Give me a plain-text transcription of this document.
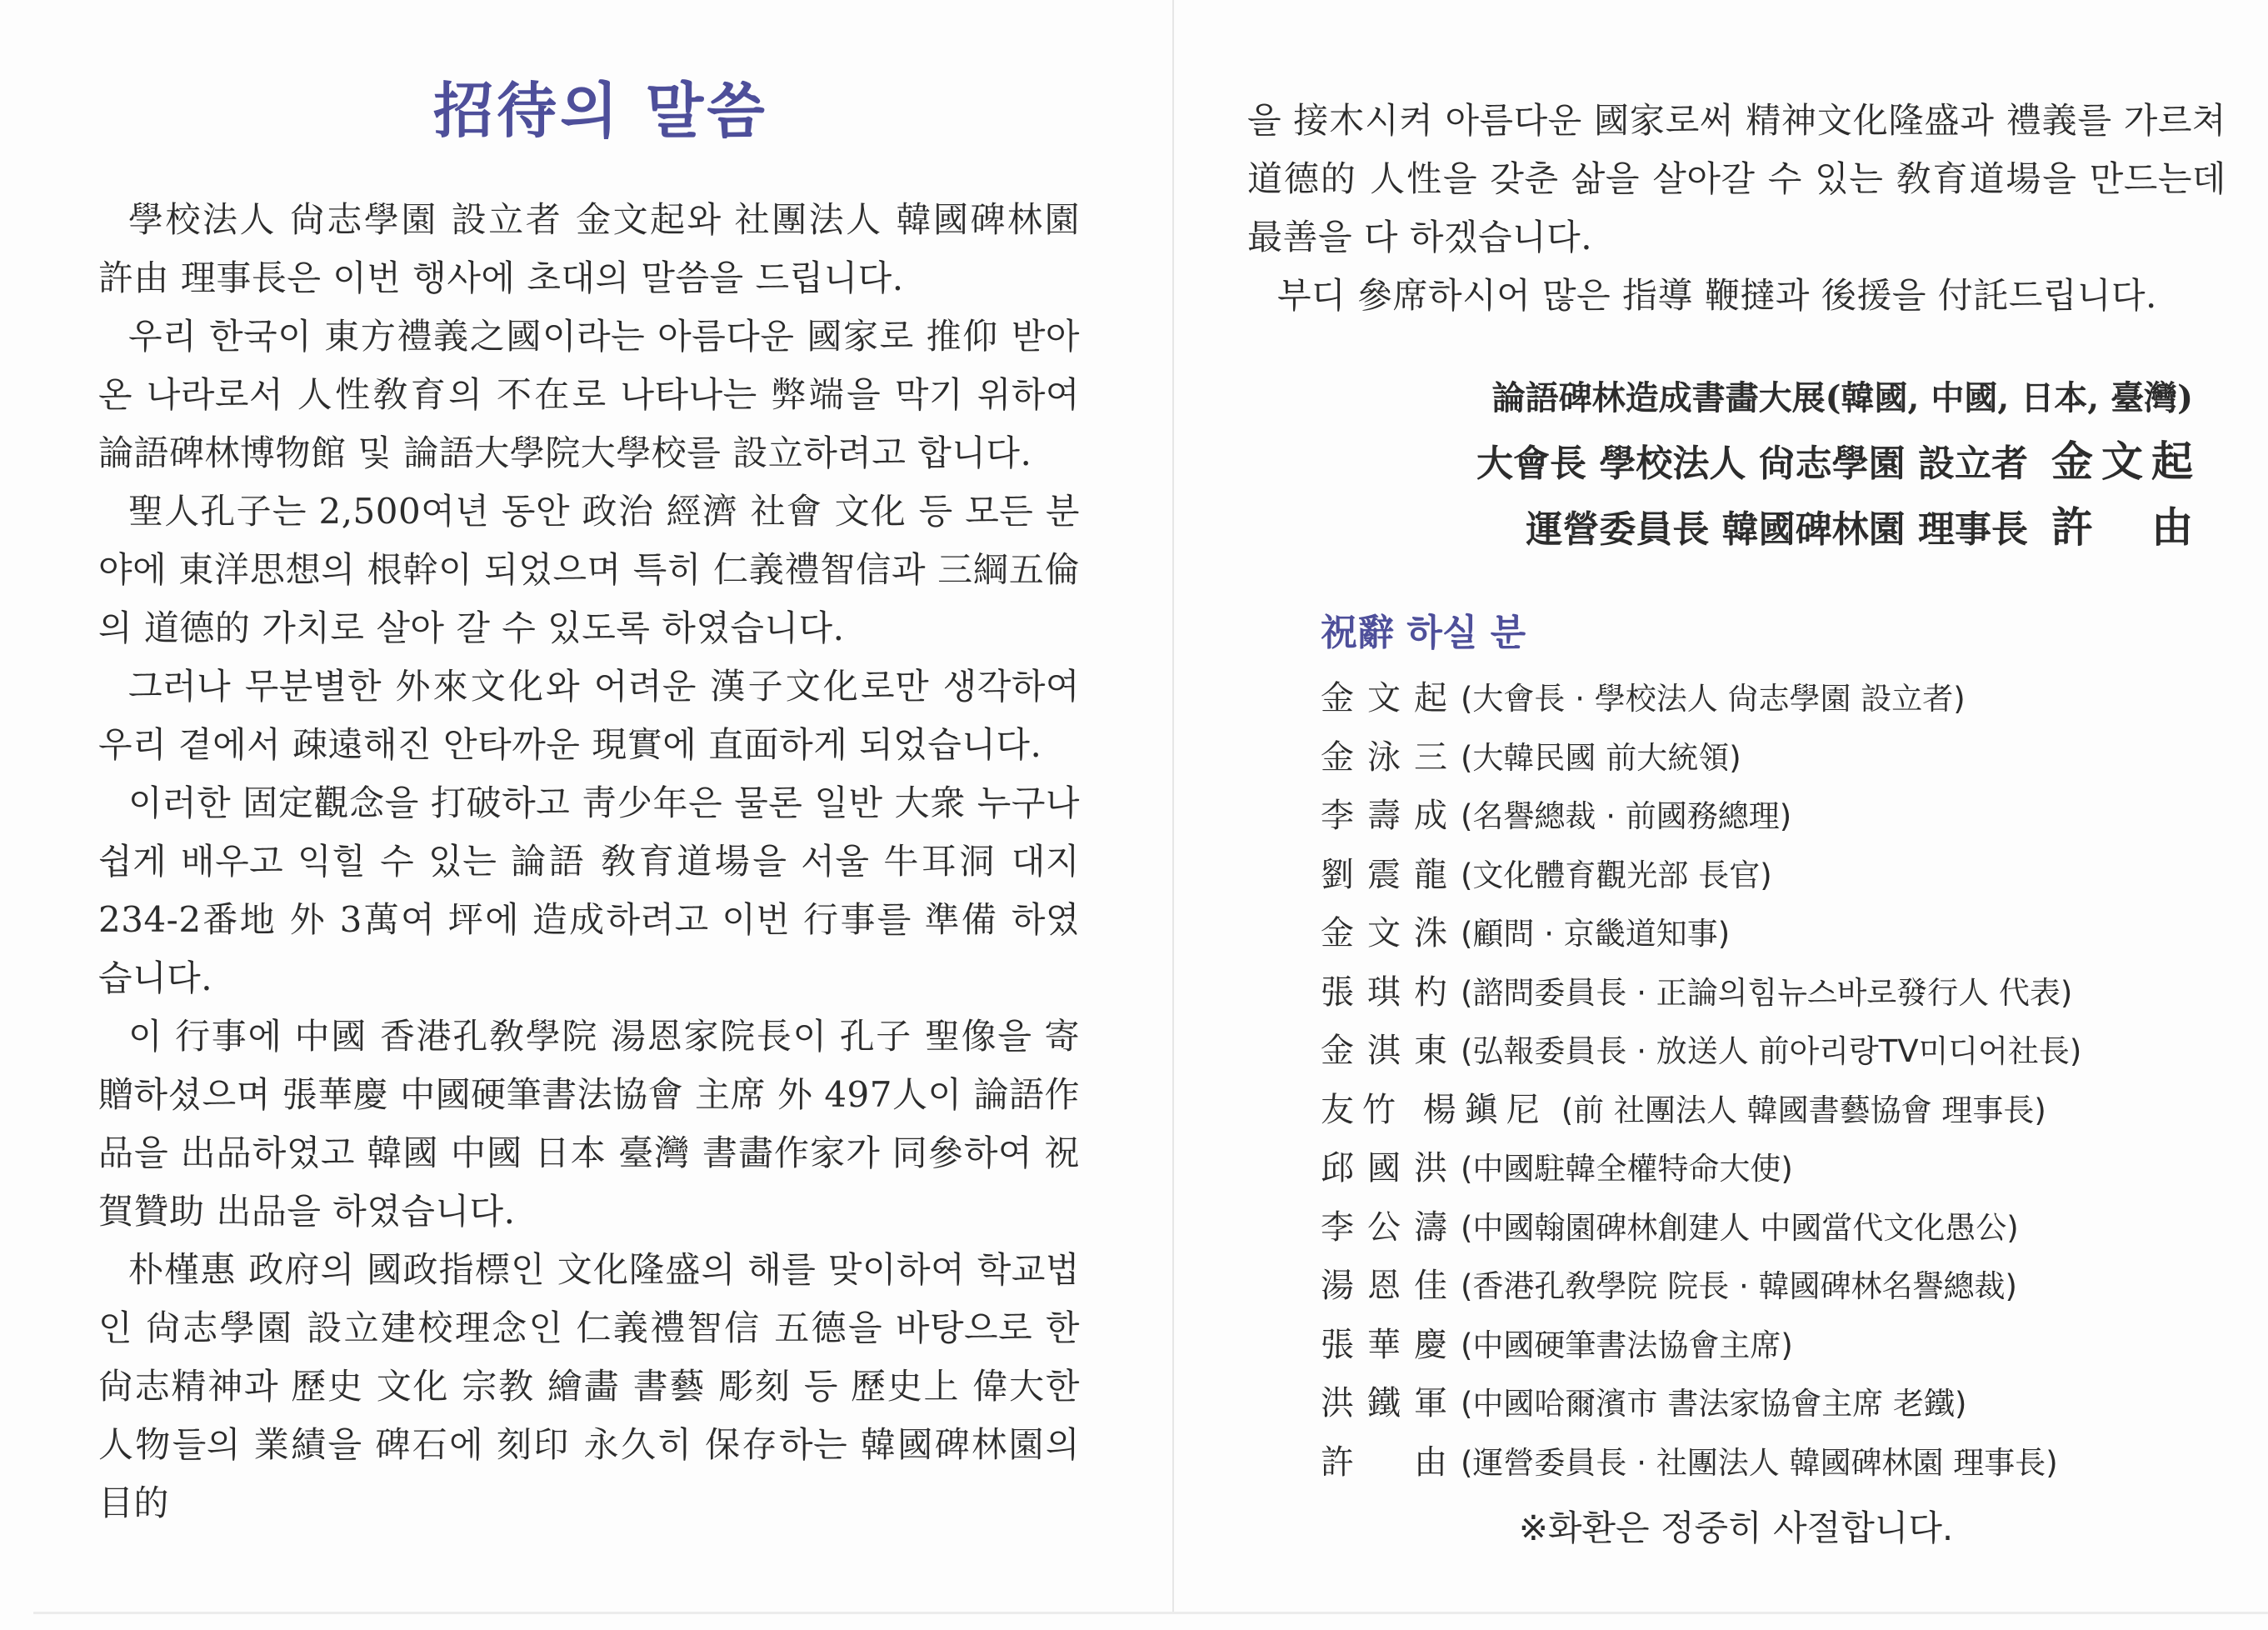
招待의 말씀

學校法人 尙志學園 設立者 金文起와 社團法人 韓國碑林園 許由 理事長은 이번 행사에 초대의 말씀을 드립니다.

우리 한국이 東方禮義之國이라는 아름다운 國家로 推仰 받아온 나라로서 人性敎育의 不在로 나타나는 弊端을 막기 위하여 論語碑林博物館 및 論語大學院大學校를 設立하려고 합니다.

聖人孔子는 2,500여년 동안 政治 經濟 社會 文化 등 모든 분야에 東洋思想의 根幹이 되었으며 특히 仁義禮智信과 三綱五倫의 道德的 가치로 살아 갈 수 있도록 하였습니다.

그러나 무분별한 外來文化와 어려운 漢子文化로만 생각하여 우리 곁에서 疎遠해진 안타까운 現實에 直面하게 되었습니다.

이러한 固定觀念을 打破하고 靑少年은 물론 일반 大衆 누구나 쉽게 배우고 익힐 수 있는 論語 敎育道場을 서울 牛耳洞 대지 234-2番地 外 3萬여 坪에 造成하려고 이번 行事를 準備 하였습니다.

이 行事에 中國 香港孔敎學院 湯恩家院長이 孔子 聖像을 寄贈하셨으며 張華慶 中國硬筆書法協會 主席 外 497人이 論語作品을 出品하였고 韓國 中國 日本 臺灣 書畵作家가 同參하여 祝賀贊助 出品을 하였습니다.

朴槿惠 政府의 國政指標인 文化隆盛의 해를 맞이하여 학교법인 尙志學園 設立建校理念인 仁義禮智信 五德을 바탕으로 한 尙志精神과 歷史 文化 宗教 繪畵 書藝 彫刻 등 歷史上 偉大한 人物들의 業績을 碑石에 刻印 永久히 保存하는 韓國碑林園의 目的

을 接木시켜 아름다운 國家로써 精神文化隆盛과 禮義를 가르쳐 道德的 人性을 갖춘 삶을 살아갈 수 있는 敎育道場을 만드는데 最善을 다 하겠습니다.

부디 參席하시어 많은 指導 鞭撻과 後援을 付託드립니다.

論語碑林造成書畵大展(韓國, 中國, 日本, 臺灣)
大會長 學校法人 尙志學園 設立者 金文起
運營委員長 韓國碑林園 理事長 許由
祝辭 하실 분
金文起 (大會長 · 學校法人 尙志學園 設立者)
金泳三 (大韓民國 前大統領)
李壽成 (名譽總裁 · 前國務總理)
劉震龍 (文化體育觀光部 長官)
金文洙 (顧問 · 京畿道知事)
張琪杓 (諮問委員長 · 正論의힘뉴스바로發行人 代表)
金淇東 (弘報委員長 · 放送人 前아리랑TV미디어社長)
友竹 楊鎭尼 (前 社團法人 韓國書藝協會 理事長)
邱國洪 (中國駐韓全權特命大使)
李公濤 (中國翰園碑林創建人 中國當代文化愚公)
湯恩佳 (香港孔敎學院 院長 · 韓國碑林名譽總裁)
張華慶 (中國硬筆書法協會主席)
洪鐵軍 (中國哈爾濱市 書法家協會主席 老鐵)
許由 (運營委員長 · 社團法人 韓國碑林園 理事長)
※화환은 정중히 사절합니다.
